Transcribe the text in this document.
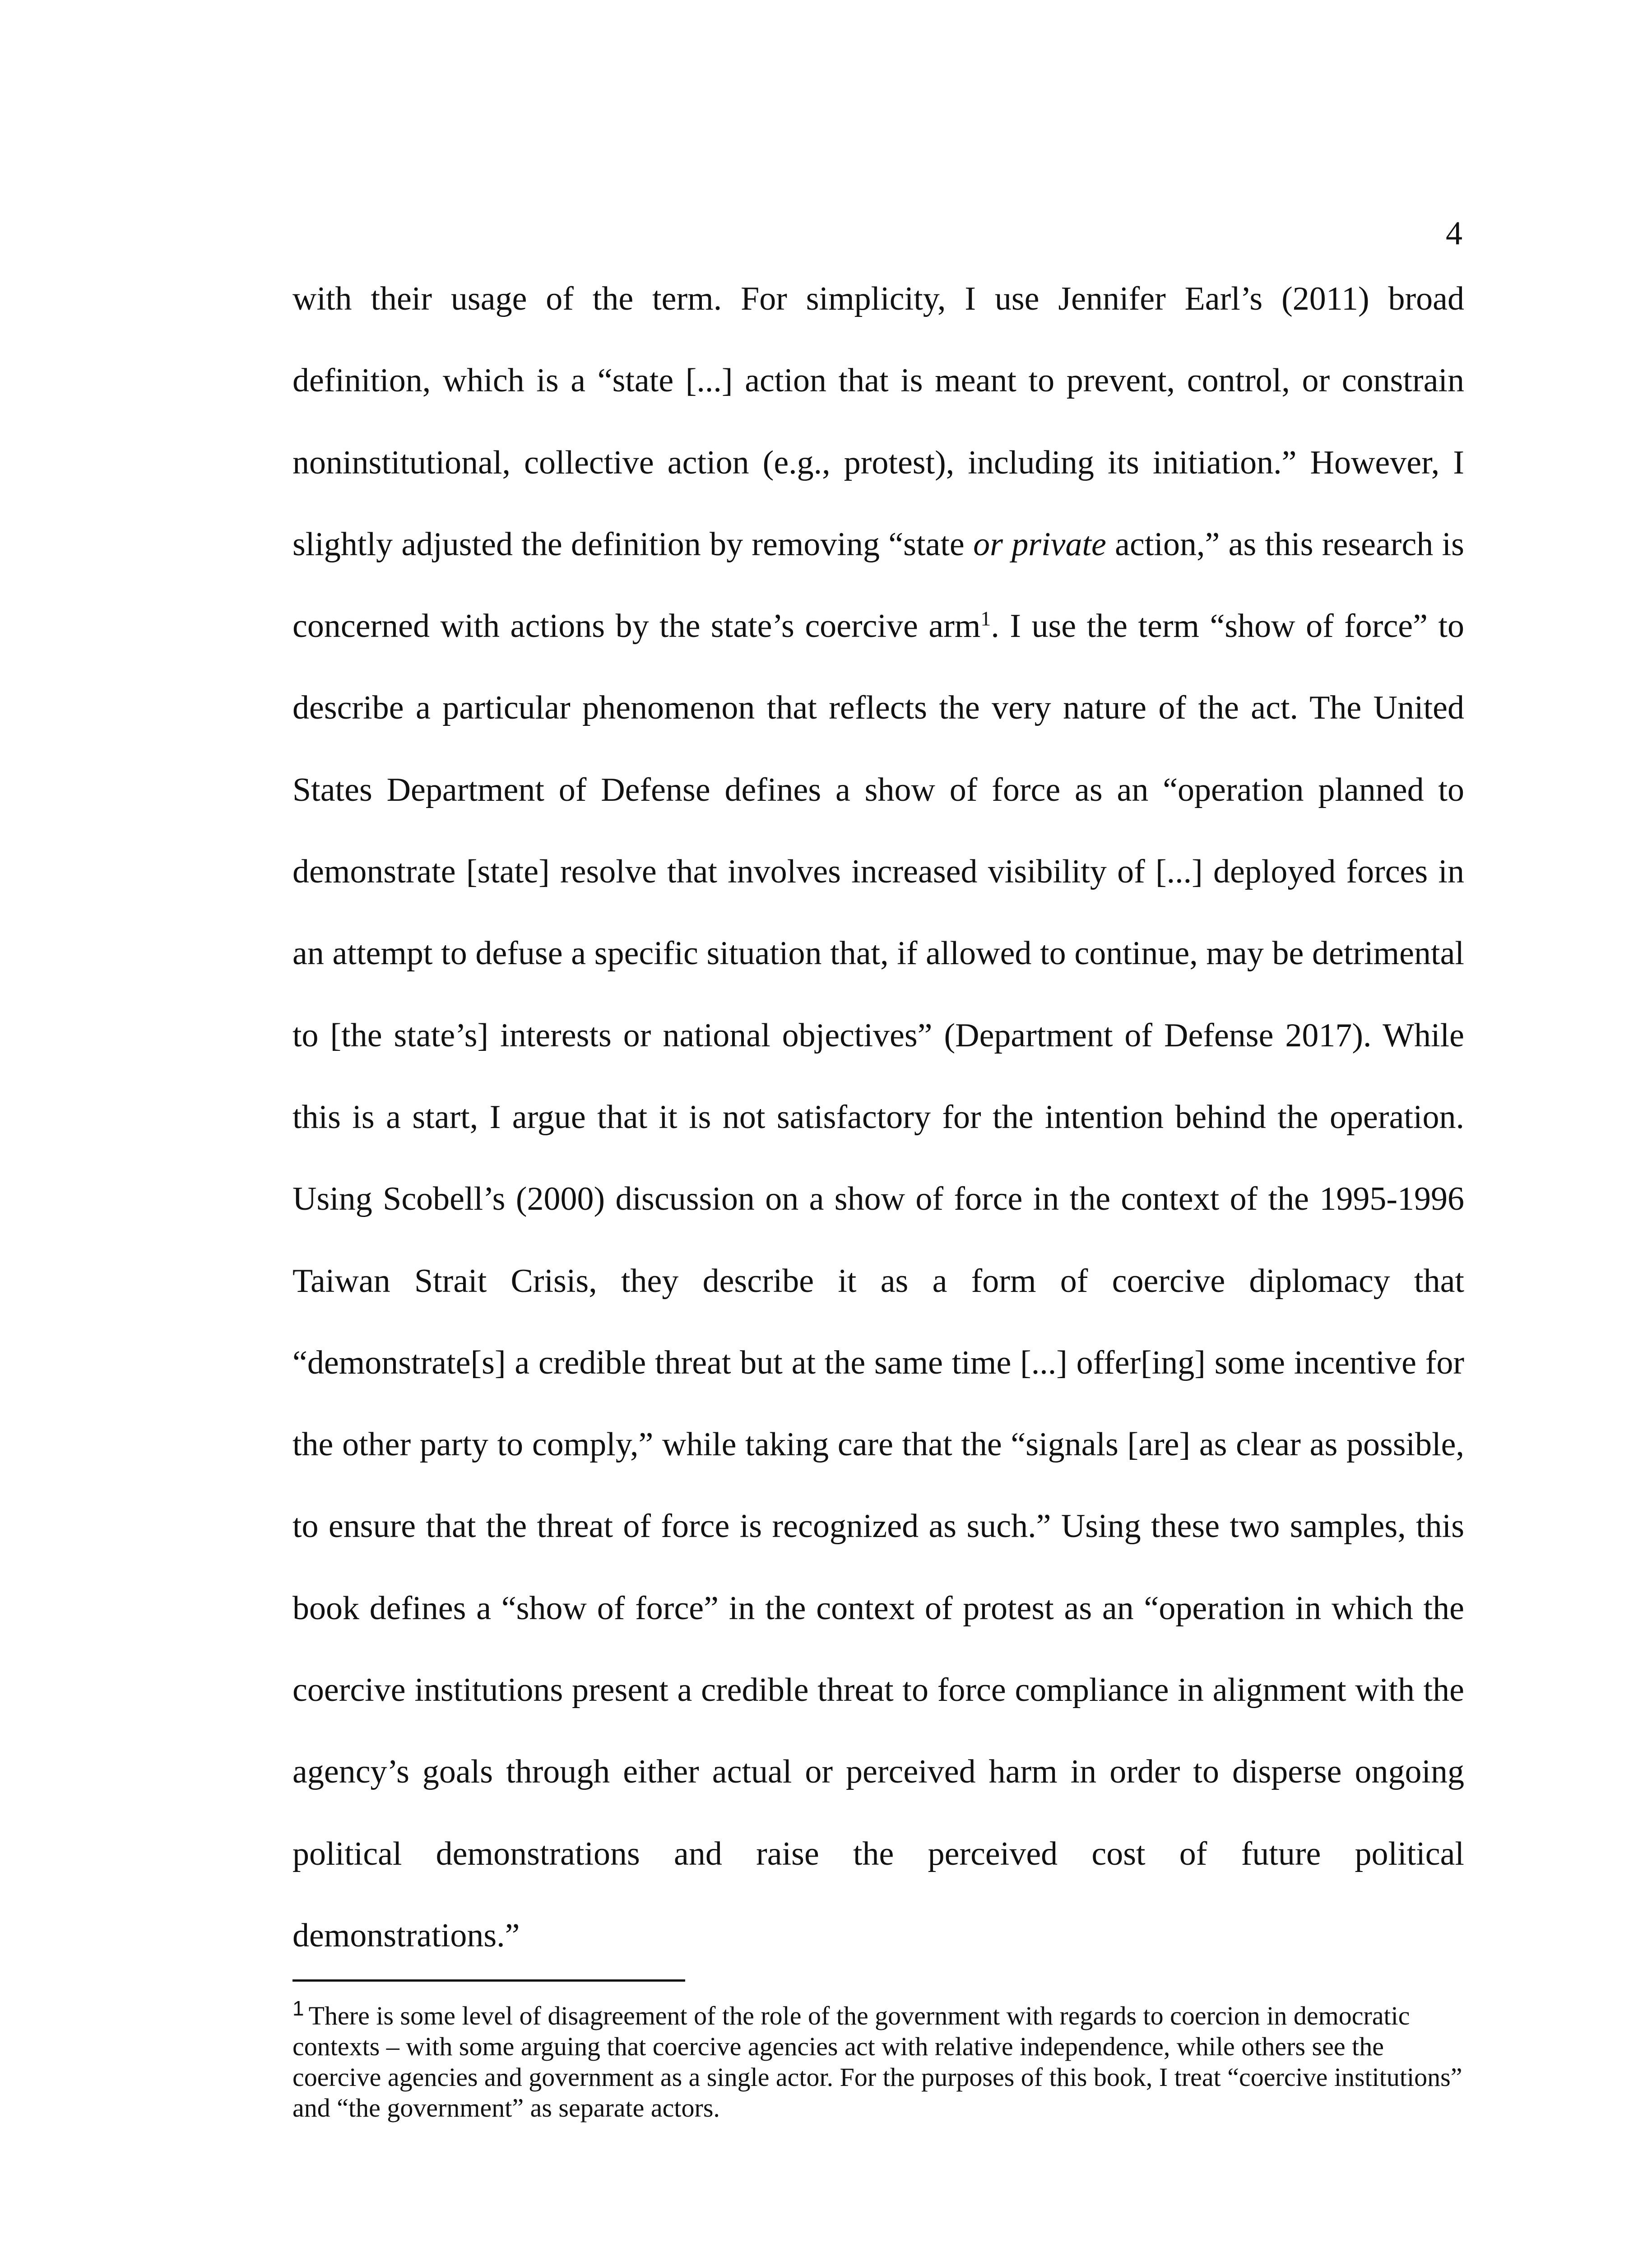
4

with their usage of the term. For simplicity, I use Jennifer Earl’s (2011) broad definition, which is a “state [...] action that is meant to prevent, control, or constrain noninstitutional, collective action (e.g., protest), including its initiation.” However, I slightly adjusted the definition by removing “state or private action,” as this research is concerned with actions by the state’s coercive arm$^1$. I use the term “show of force” to describe a particular phenomenon that reflects the very nature of the act. The United States Department of Defense defines a show of force as an “operation planned to demonstrate [state] resolve that involves increased visibility of [...] deployed forces in an attempt to defuse a specific situation that, if allowed to continue, may be detrimental to [the state’s] interests or national objectives” (Department of Defense 2017). While this is a start, I argue that it is not satisfactory for the intention behind the operation. Using Scobell’s (2000) discussion on a show of force in the context of the 1995-1996 Taiwan Strait Crisis, they describe it as a form of coercive diplomacy that “demonstrate[s] a credible threat but at the same time [...] offer[ing] some incentive for the other party to comply,” while taking care that the “signals [are] as clear as possible, to ensure that the threat of force is recognized as such.” Using these two samples, this book defines a “show of force” in the context of protest as an “operation in which the coercive institutions present a credible threat to force compliance in alignment with the agency’s goals through either actual or perceived harm in order to disperse ongoing political demonstrations and raise the perceived cost of future political demonstrations.”

$^1$ There is some level of disagreement of the role of the government with regards to coercion in democratic contexts – with some arguing that coercive agencies act with relative independence, while others see the coercive agencies and government as a single actor. For the purposes of this book, I treat “coercive institutions” and “the government” as separate actors.
